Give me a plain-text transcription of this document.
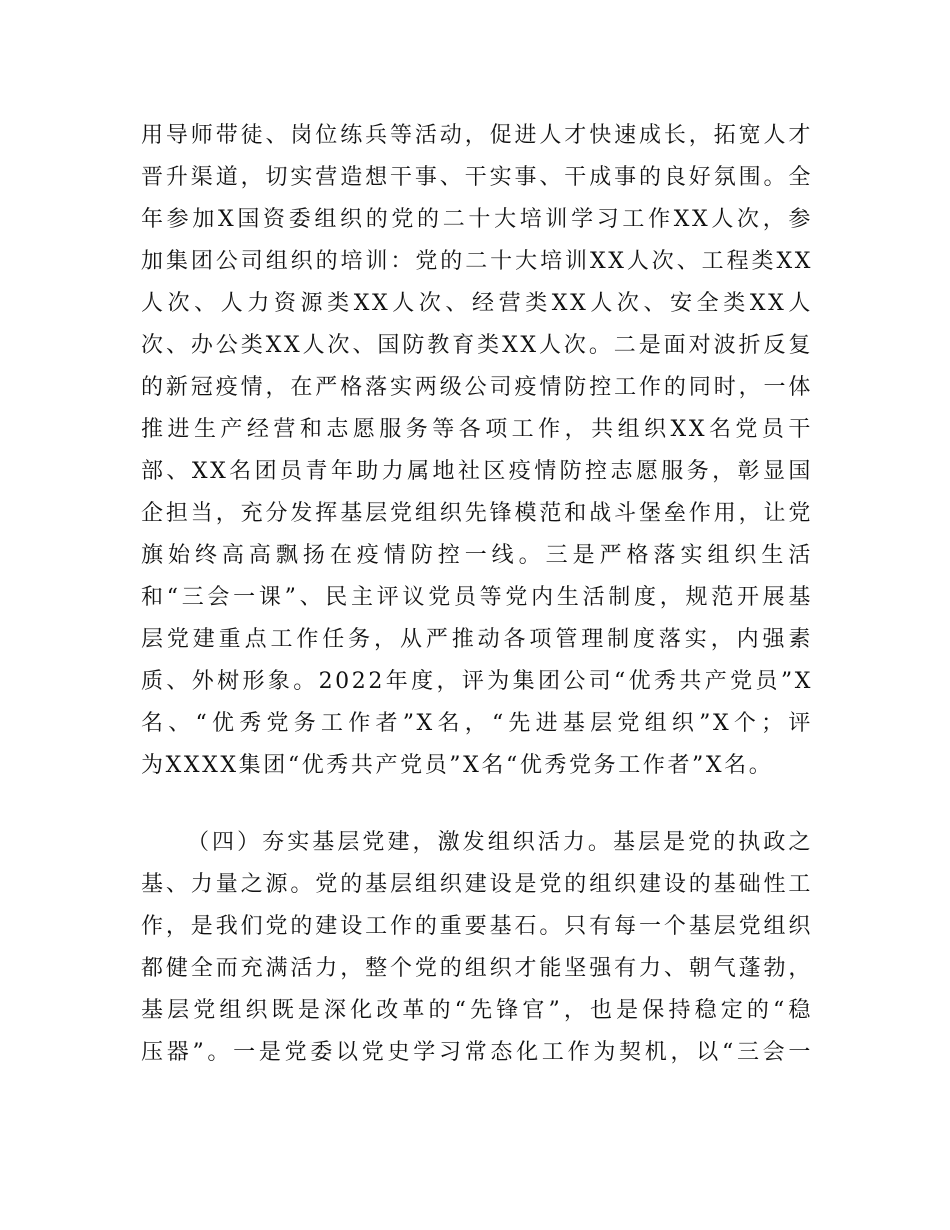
用导师带徒、岗位练兵等活动，促进人才快速成长，拓宽人才
晋升渠道，切实营造想干事、干实事、干成事的良好氛围。全
年参加X国资委组织的党的二十大培训学习工作XX人次，参
加集团公司组织的培训：党的二十大培训XX人次、工程类XX
人次、人力资源类XX人次、经营类XX人次、安全类XX人
次、办公类XX人次、国防教育类XX人次。二是面对波折反复
的新冠疫情，在严格落实两级公司疫情防控工作的同时，一体
推进生产经营和志愿服务等各项工作，共组织XX名党员干
部、XX名团员青年助力属地社区疫情防控志愿服务，彰显国
企担当，充分发挥基层党组织先锋模范和战斗堡垒作用，让党
旗始终高高飘扬在疫情防控一线。三是严格落实组织生活
和“三会一课”、民主评议党员等党内生活制度，规范开展基
层党建重点工作任务，从严推动各项管理制度落实，内强素
质、外树形象。2022年度，评为集团公司“优秀共产党员”X
名、“优秀党务工作者”X名，“先进基层党组织”X个；评
为XXXX集团“优秀共产党员”X名“优秀党务工作者”X名。
（四）夯实基层党建，激发组织活力。基层是党的执政之
基、力量之源。党的基层组织建设是党的组织建设的基础性工
作，是我们党的建设工作的重要基石。只有每一个基层党组织
都健全而充满活力，整个党的组织才能坚强有力、朝气蓬勃，
基层党组织既是深化改革的“先锋官”，也是保持稳定的“稳
压器”。一是党委以党史学习常态化工作为契机，以“三会一
